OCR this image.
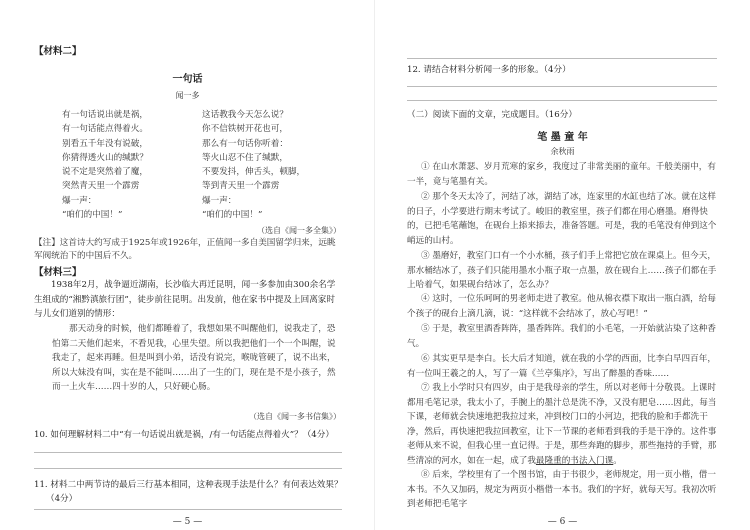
【材料二】
一句话
闻一多
有一句话说出就是祸，
有一句话能点得着火。
别看五千年没有说破，
你猜得透火山的缄默？
说不定是突然着了魔，
突然青天里一个霹雳
爆一声：
“咱们的中国！”
这话教我今天怎么说？
你不信铁树开花也可，
那么有一句话你听着：
等火山忍不住了缄默，
不要发抖，伸舌头，顿脚，
等到青天里一个霹雳
爆一声：
“咱们的中国！”
（选自《闻一多全集》）
【注】这首诗大约写成于1925年或1926年，正值闻一多自美国留学归来，远眺军阀统治下的中国后不久。
【材料三】
1938年2月，战争逼近湖南，长沙临大再迁昆明，闻一多参加由300余名学生组成的“湘黔滇旅行团”，徒步前往昆明。出发前，他在家书中提及上回离家时与儿女们道别的情形：
那天动身的时候，他们都睡着了，我想如果不叫醒他们，说我走了，恐怕第二天他们起来，不看见我，心里失望。所以我把他们一个一个叫醒，说我走了，起来再睡。但是叫到小弟，话没有说完，喉咙管硬了，说不出来，所以大妹没有叫，实在是不能叫……出了一生的门，现在是不是小孩子，然而一上火车……四十岁的人，只好硬心肠。
（选自《闻一多书信集》）
10. 如何理解材料二中“有一句话说出就是祸，/有一句话能点得着火”？（4分）
11. 材料二中两节诗的最后三行基本相同，这种表现手法是什么？有何表达效果？
（4分）
— 5 —
12. 请结合材料分析闻一多的形象。（4分）
（二）阅读下面的文章，完成题目。（16分）
笔 墨 童 年
余秋雨
① 在山水萧瑟、岁月荒寒的家乡，我度过了非常美丽的童年。千般美丽中，有一半，竟与笔墨有关。
② 那个冬天太冷了，河结了冰，湖结了冰，连家里的水缸也结了冰。就在这样的日子，小学要进行期末考试了。峻旧的教室里，孩子们都在用心磨墨。磨得快的，已把毛笔蘸饱，在砚台上掭来掭去，准备答题。可是，我的毛笔没有伸到这个峭远的山村。
③ 墨磨好，教室门口有一个小水桶，孩子们手上常把它放在课桌上。但今天，那水桶结冰了，孩子们只能用墨水小瓶子取一点墨，放在砚台上……孩子们都在手上哈着气，如果砚台结冰了，怎么办？
④ 这时，一位乐呵呵的男老师走进了教室。他从棉衣襟下取出一瓶白酒，给每个孩子的砚台上滴几滴，说：“这样就不会结冰了，放心写吧！”
⑤ 于是，教室里酒香阵阵，墨香阵阵。我们的小毛笔，一开始就沾染了这种香气。
⑥ 其实更早是李白。长大后才知道，就在我的小学的西面，比李白早四百年，有一位叫王羲之的人，写了一篇《兰亭集序》，写出了醉墨的香味……
⑦ 我上小学时只有四岁，由于是我母亲的学生，所以对老师十分敬畏。上课时都用毛笔记录，我太小了，手腕上的墨汁总是洗不净，又没有肥皂……因此，每当下课，老师就会快速地把我拉过来，冲到校门口的小河边，把我的脸和手都洗干净，然后，再快速把我拉回教室，让下一节课的老师看到我的手是干净的。这件事老师从来不说，但我心里一直记得。于是，那些奔跑的脚步，那些拖持的手臂，那些清凉的河水，如在一起，成了我最隆重的书法入门课。
⑧ 后来，学校里有了一个图书馆，由于书很少，老师规定，用一页小楷，借一本书。不久又加码，规定为两页小楷借一本书。我们的字好，就每天写。我初次听到老师把毛笔字
— 6 —
